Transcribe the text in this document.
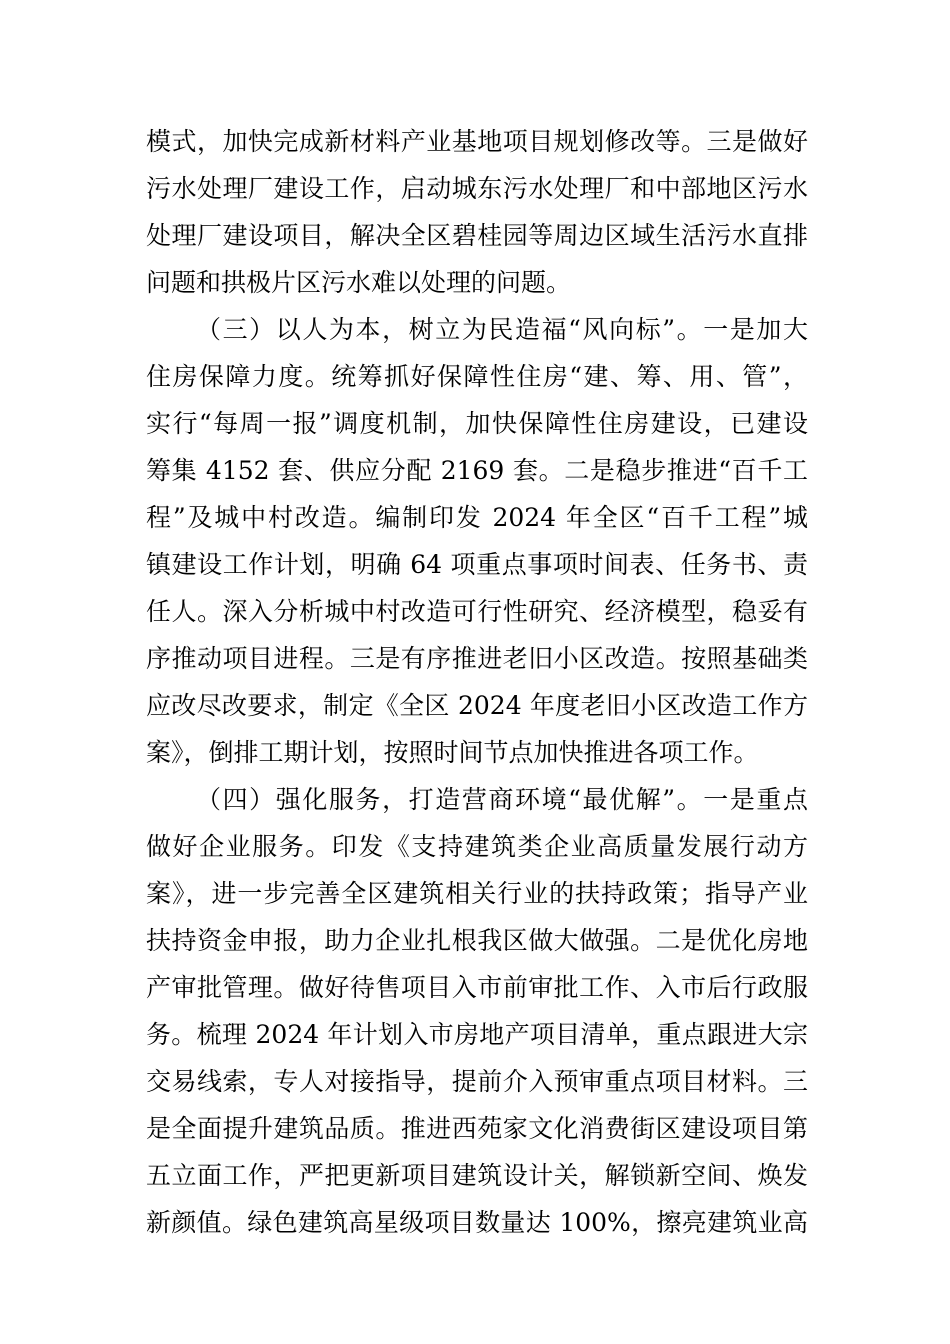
模式，加快完成新材料产业基地项目规划修改等。三是做好
污水处理厂建设工作，启动城东污水处理厂和中部地区污水
处理厂建设项目，解决全区碧桂园等周边区域生活污水直排
问题和拱极片区污水难以处理的问题。
（三）以人为本，树立为民造福“风向标”。一是加大
住房保障力度。统筹抓好保障性住房“建、筹、用、管”，
实行“每周一报”调度机制，加快保障性住房建设，已建设
筹集 4152 套、供应分配 2169 套。二是稳步推进“百千工
程”及城中村改造。编制印发 2024 年全区“百千工程”城
镇建设工作计划，明确 64 项重点事项时间表、任务书、责
任人。深入分析城中村改造可行性研究、经济模型，稳妥有
序推动项目进程。三是有序推进老旧小区改造。按照基础类
应改尽改要求，制定《全区 2024 年度老旧小区改造工作方
案》，倒排工期计划，按照时间节点加快推进各项工作。
（四）强化服务，打造营商环境“最优解”。一是重点
做好企业服务。印发《支持建筑类企业高质量发展行动方
案》，进一步完善全区建筑相关行业的扶持政策；指导产业
扶持资金申报，助力企业扎根我区做大做强。二是优化房地
产审批管理。做好待售项目入市前审批工作、入市后行政服
务。梳理 2024 年计划入市房地产项目清单，重点跟进大宗
交易线索，专人对接指导，提前介入预审重点项目材料。三
是全面提升建筑品质。推进西苑家文化消费街区建设项目第
五立面工作，严把更新项目建筑设计关，解锁新空间、焕发
新颜值。绿色建筑高星级项目数量达 100%，擦亮建筑业高
